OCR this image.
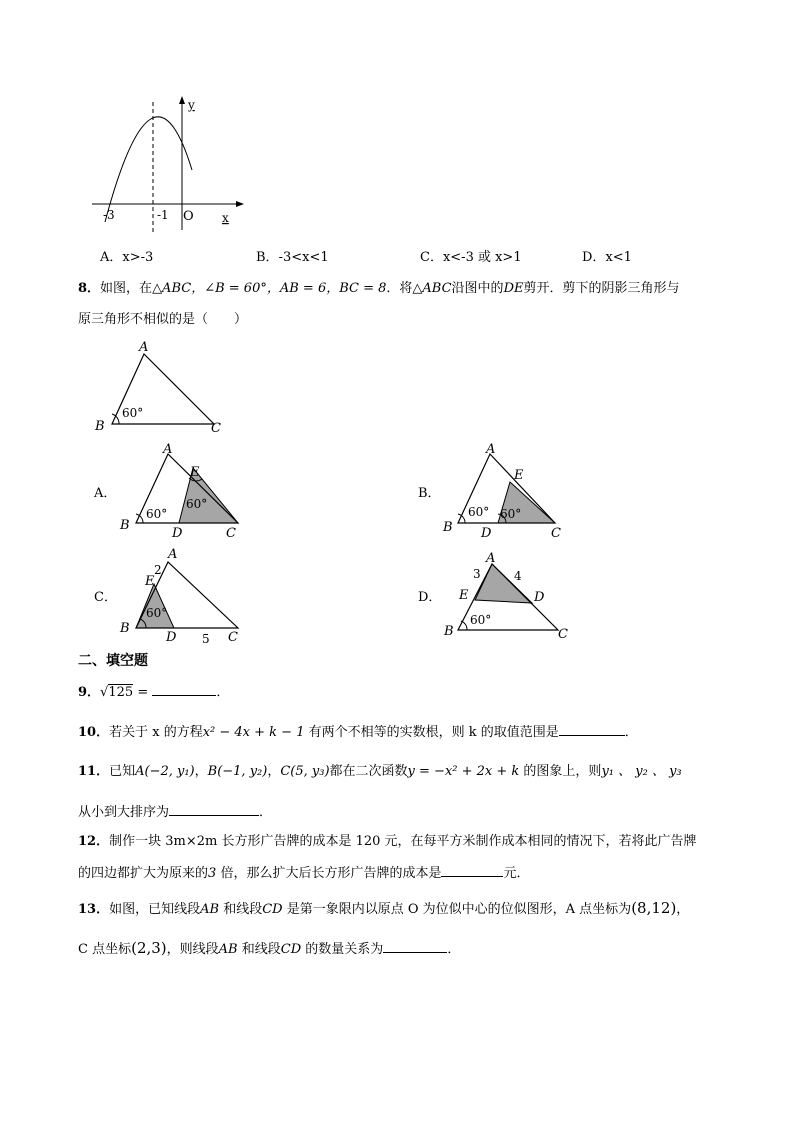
y
x
-3	-1 O
A．x>-3	B．-3<x<1	C．x<-3 或 x>1	D．x<1
8．如图，在△ABC，∠B = 60°，AB = 6，BC = 8．将△ABC沿图中的DE剪开．剪下的阴影三角形与
原三角形不相似的是（　　）
A
B	C
60°
A．
A
E
B
D	C
60°
60°
B．
A
E
B D	C
60° 60°
C．
A
2
E
B
D 5 C
60°
D．
A
3	4
E	D
B	C
60°
二、填空题
9．√125 =	．
10．若关于 x 的方程x² − 4x + k − 1 有两个不相等的实数根，则 k 的取值范围是	．
11．已知A(−2, y₁)，B(−1, y₂)，C(5, y₃)都在二次函数y = −x² + 2x + k 的图象上，则y₁ 、 y₂ 、 y₃
从小到大排序为	．
12．制作一块 3m×2m 长方形广告牌的成本是 120 元，在每平方米制作成本相同的情况下，若将此广告牌
的四边都扩大为原来的3 倍，那么扩大后长方形广告牌的成本是	元．
13．如图，已知线段AB 和线段CD 是第一象限内以原点 O 为位似中心的位似图形，A 点坐标为(8,12)，
C 点坐标(2,3)，则线段AB 和线段CD 的数量关系为	．
